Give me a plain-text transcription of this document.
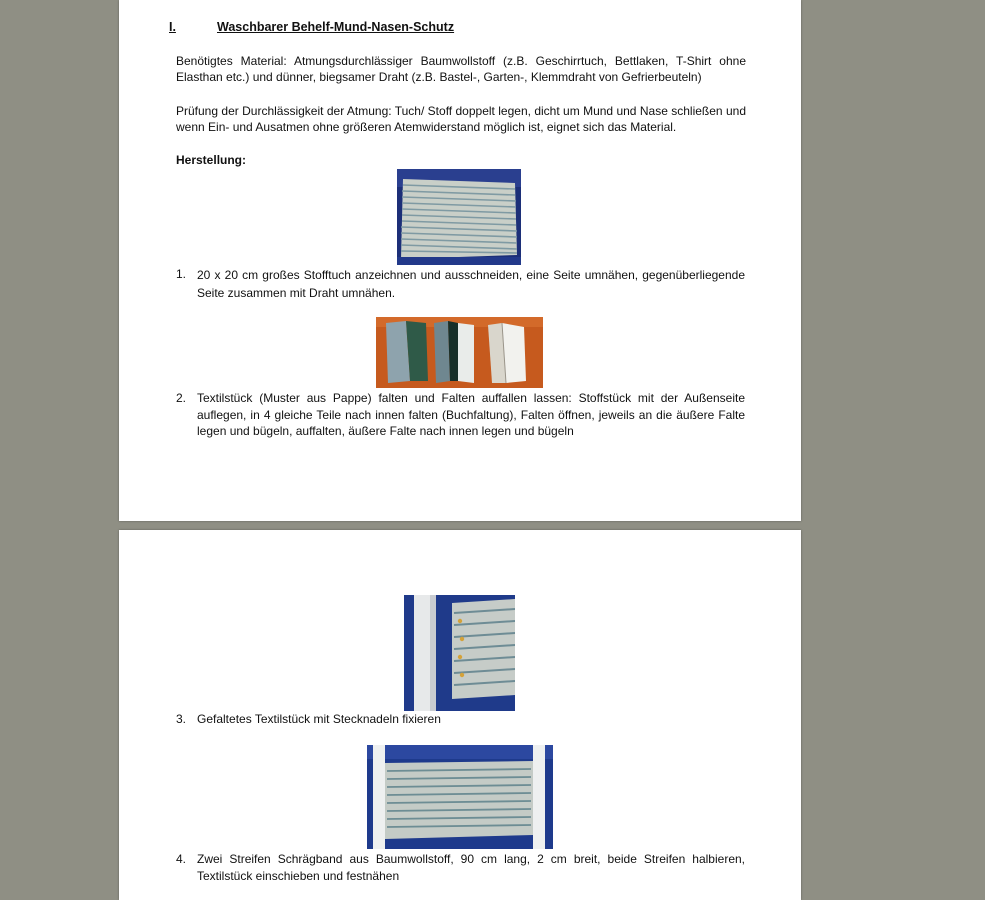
I.	Waschbarer Behelf-Mund-Nasen-Schutz
Benötigtes Material: Atmungsdurchlässiger Baumwollstoff (z.B. Geschirrtuch, Bettlaken, T-Shirt ohne Elasthan etc.) und dünner, biegsamer Draht (z.B. Bastel-, Garten-, Klemmdraht von Gefrierbeuteln)
Prüfung der Durchlässigkeit der Atmung: Tuch/ Stoff doppelt legen, dicht um Mund und Nase schließen und wenn Ein- und Ausatmen ohne größeren Atemwiderstand möglich ist, eignet sich das Material.
Herstellung:
1. 20 x 20 cm großes Stofftuch anzeichnen und ausschneiden, eine Seite umnähen, gegenüberliegende Seite zusammen mit Draht umnähen.
2. Textilstück (Muster aus Pappe) falten und Falten auffallen lassen: Stoffstück mit der Außenseite auflegen, in 4 gleiche Teile nach innen falten (Buchfaltung), Falten öffnen, jeweils an die äußere Falte legen und bügeln, auffalten, äußere Falte nach innen legen und bügeln
3. Gefaltetes Textilstück mit Stecknadeln fixieren
4. Zwei Streifen Schrägband aus Baumwollstoff, 90 cm lang, 2 cm breit, beide Streifen halbieren, Textilstück einschieben und festnähen
